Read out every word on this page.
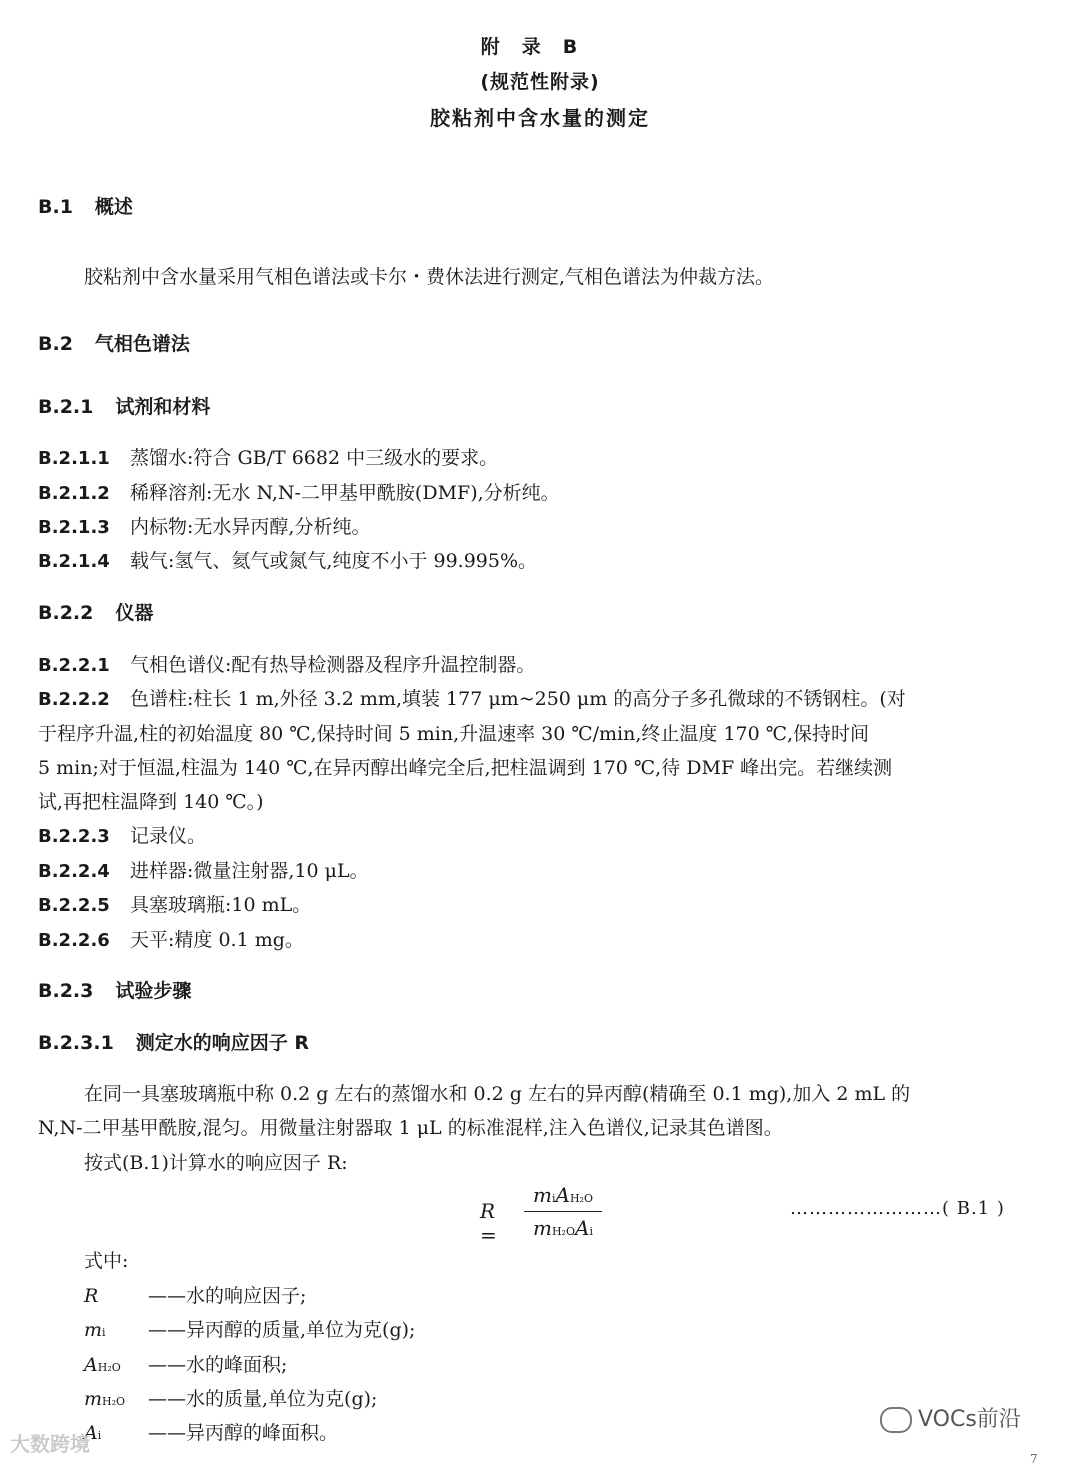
附录B
(规范性附录)
胶粘剂中含水量的测定
B.1 概述
胶粘剂中含水量采用气相色谱法或卡尔・费休法进行测定,气相色谱法为仲裁方法。
B.2 气相色谱法
B.2.1 试剂和材料
B.2.1.1 蒸馏水:符合 GB/T 6682 中三级水的要求。
B.2.1.2 稀释溶剂:无水 N,N-二甲基甲酰胺(DMF),分析纯。
B.2.1.3 内标物:无水异丙醇,分析纯。
B.2.1.4 载气:氢气、氦气或氮气,纯度不小于 99.995%。
B.2.2 仪器
B.2.2.1 气相色谱仪:配有热导检测器及程序升温控制器。
B.2.2.2 色谱柱:柱长 1 m,外径 3.2 mm,填装 177 μm~250 μm 的高分子多孔微球的不锈钢柱。(对
于程序升温,柱的初始温度 80 ℃,保持时间 5 min,升温速率 30 ℃/min,终止温度 170 ℃,保持时间
5 min;对于恒温,柱温为 140 ℃,在异丙醇出峰完全后,把柱温调到 170 ℃,待 DMF 峰出完。若继续测
试,再把柱温降到 140 ℃。)
B.2.2.3 记录仪。
B.2.2.4 进样器:微量注射器,10 μL。
B.2.2.5 具塞玻璃瓶:10 mL。
B.2.2.6 天平:精度 0.1 mg。
B.2.3 试验步骤
B.2.3.1 测定水的响应因子 R
在同一具塞玻璃瓶中称 0.2 g 左右的蒸馏水和 0.2 g 左右的异丙醇(精确至 0.1 mg),加入 2 mL 的
N,N-二甲基甲酰胺,混匀。用微量注射器取 1 μL 的标准混样,注入色谱仪,记录其色谱图。
按式(B.1)计算水的响应因子 R:
R =
miAH₂O
mH₂OAi
……………………( B.1 )
式中:
R	——水的响应因子;
mi ——异丙醇的质量,单位为克(g);
AH₂O ——水的峰面积;
mH₂O ——水的质量,单位为克(g);
Ai ——异丙醇的峰面积。
大数跨境
VOCs前沿
7
